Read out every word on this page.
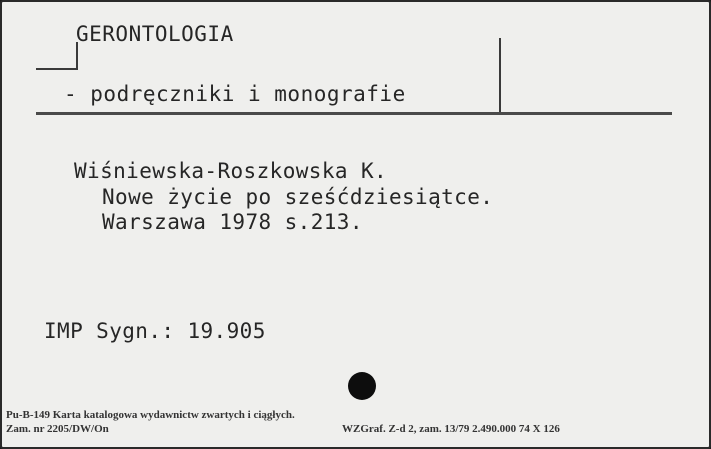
GERONTOLOGIA
- podręczniki i monografie
Wiśniewska-Roszkowska K.
Nowe życie po sześćdziesiątce.
Warszawa 1978 s.213.
IMP Sygn.: 19.905
Pu-B-149 Karta katalogowa wydawnictw zwartych i ciągłych.
Zam. nr 2205/DW/On	WZGraf. Z-d 2, zam. 13/79 2.490.000 74 X 126
